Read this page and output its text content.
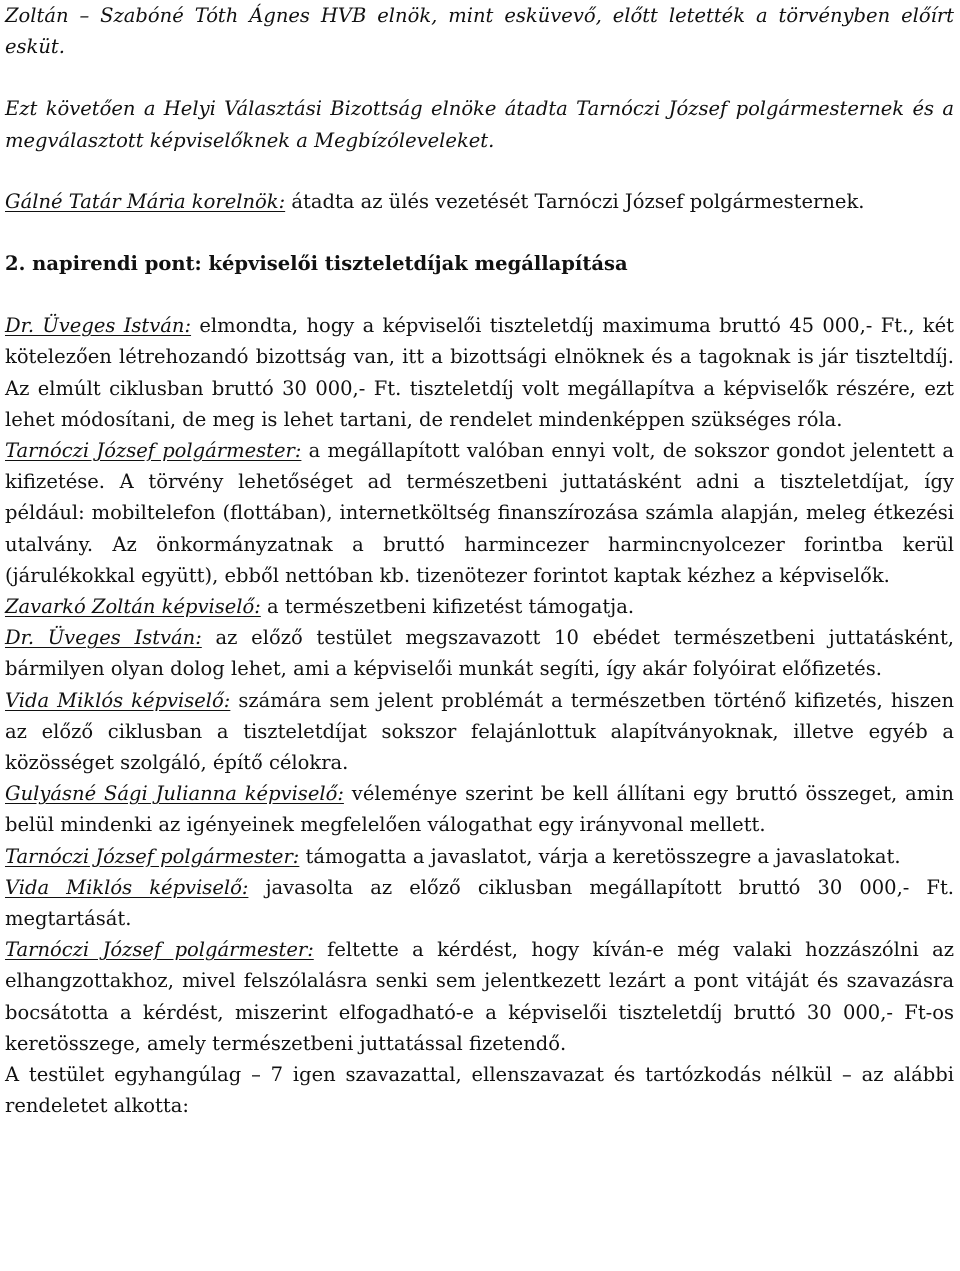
Zoltán – Szabóné Tóth Ágnes HVB elnök, mint esküvevő, előtt letették a törvényben előírt esküt.

Ezt követően a Helyi Választási Bizottság elnöke átadta Tarnóczi József polgármesternek és a megválasztott képviselőknek a Megbízóleveleket.

Gálné Tatár Mária korelnök: átadta az ülés vezetését Tarnóczi József polgármesternek.

2. napirendi pont: képviselői tiszteletdíjak megállapítása

Dr. Üveges István: elmondta, hogy a képviselői tiszteletdíj maximuma bruttó 45 000,- Ft., két kötelezően létrehozandó bizottság van, itt a bizottsági elnöknek és a tagoknak is jár tiszteltdíj. Az elmúlt ciklusban bruttó 30 000,- Ft. tiszteletdíj volt megállapítva a képviselők részére, ezt lehet módosítani, de meg is lehet tartani, de rendelet mindenképpen szükséges róla.

Tarnóczi József polgármester: a megállapított valóban ennyi volt, de sokszor gondot jelentett a kifizetése. A törvény lehetőséget ad természetbeni juttatásként adni a tiszteletdíjat, így például: mobiltelefon (flottában), internetköltség finanszírozása számla alapján, meleg étkezési utalvány. Az önkormányzatnak a bruttó harmincezer harmincnyolcezer forintba kerül (járulékokkal együtt), ebből nettóban kb. tizenötezer forintot kaptak kézhez a képviselők.

Zavarkó Zoltán képviselő: a természetbeni kifizetést támogatja.

Dr. Üveges István: az előző testület megszavazott 10 ebédet természetbeni juttatásként, bármilyen olyan dolog lehet, ami a képviselői munkát segíti, így akár folyóirat előfizetés.

Vida Miklós képviselő: számára sem jelent problémát a természetben történő kifizetés, hiszen az előző ciklusban a tiszteletdíjat sokszor felajánlottuk alapítványoknak, illetve egyéb a közösséget szolgáló, építő célokra.

Gulyásné Sági Julianna képviselő: véleménye szerint be kell állítani egy bruttó összeget, amin belül mindenki az igényeinek megfelelően válogathat egy irányvonal mellett.

Tarnóczi József polgármester: támogatta a javaslatot, várja a keretösszegre a javaslatokat.

Vida Miklós képviselő: javasolta az előző ciklusban megállapított bruttó 30 000,- Ft. megtartását.

Tarnóczi József polgármester: feltette a kérdést, hogy kíván-e még valaki hozzászólni az elhangzottakhoz, mivel felszólalásra senki sem jelentkezett lezárt a pont vitáját és szavazásra bocsátotta a kérdést, miszerint elfogadható-e a képviselői tiszteletdíj bruttó 30 000,- Ft-os keretösszege, amely természetbeni juttatással fizetendő.

A testület egyhangúlag – 7 igen szavazattal, ellenszavazat és tartózkodás nélkül – az alábbi rendeletet alkotta:
